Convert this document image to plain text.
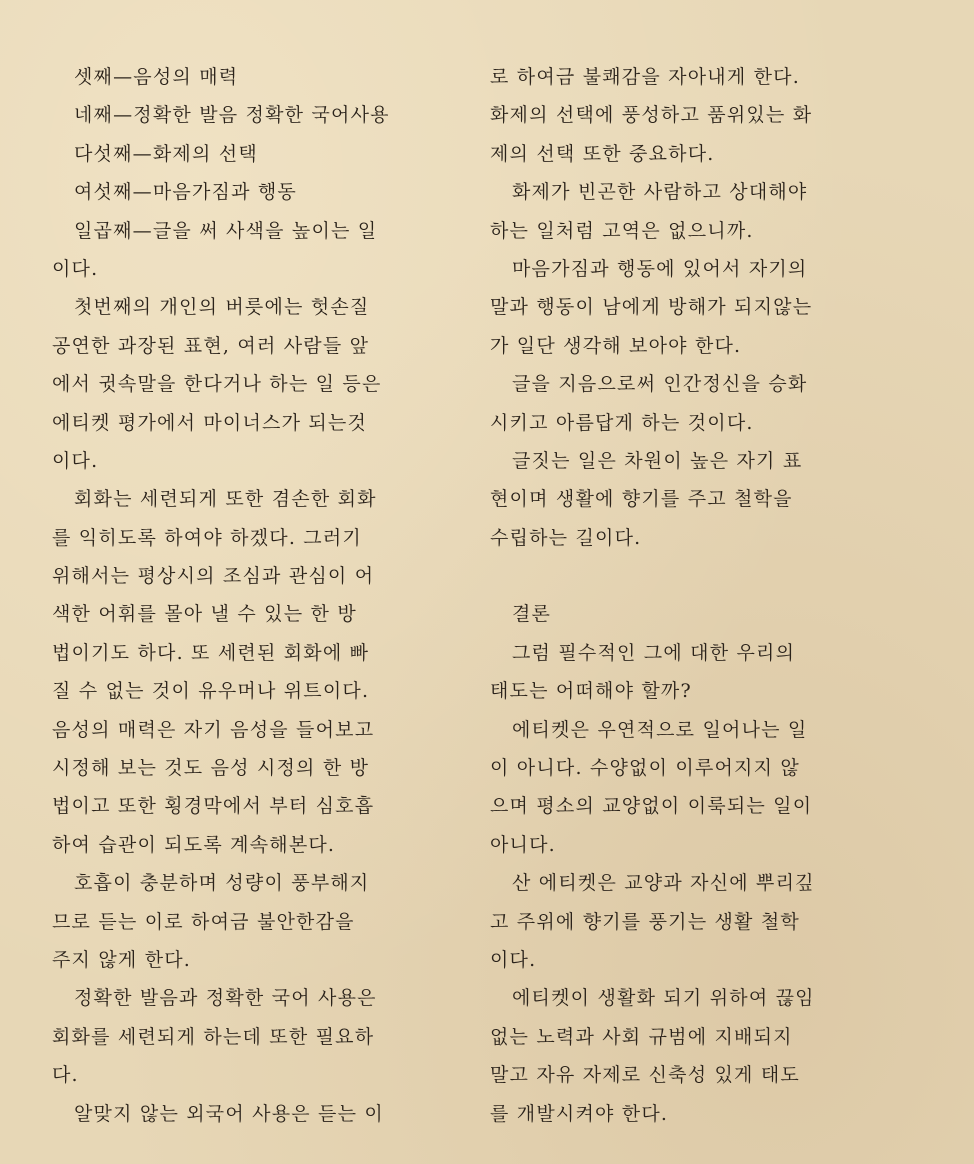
셋째—음성의 매력
네째—정확한 발음 정확한 국어사용
다섯째—화제의 선택
여섯째—마음가짐과 행동
일곱째—글을 써 사색을 높이는 일
이다.
첫번째의 개인의 버릇에는 헛손질
공연한 과장된 표현, 여러 사람들 앞
에서 귓속말을 한다거나 하는 일 등은
에티켓 평가에서 마이너스가 되는것
이다.
회화는 세련되게 또한 겸손한 회화
를 익히도록 하여야 하겠다. 그러기
위해서는 평상시의 조심과 관심이 어
색한 어휘를 몰아 낼 수 있는 한 방
법이기도 하다. 또 세련된 회화에 빠
질 수 없는 것이 유우머나 위트이다.
음성의 매력은 자기 음성을 들어보고
시정해 보는 것도 음성 시정의 한 방
법이고 또한 횡경막에서 부터 심호흡
하여 습관이 되도록 계속해본다.
호흡이 충분하며 성량이 풍부해지
므로 듣는 이로 하여금 불안한감을
주지 않게 한다.
정확한 발음과 정확한 국어 사용은
회화를 세련되게 하는데 또한 필요하
다.
알맞지 않는 외국어 사용은 듣는 이
로 하여금 불쾌감을 자아내게 한다.
화제의 선택에 풍성하고 품위있는 화
제의 선택 또한 중요하다.
화제가 빈곤한 사람하고 상대해야
하는 일처럼 고역은 없으니까.
마음가짐과 행동에 있어서 자기의
말과 행동이 남에게 방해가 되지않는
가 일단 생각해 보아야 한다.
글을 지음으로써 인간정신을 승화
시키고 아름답게 하는 것이다.
글짓는 일은 차원이 높은 자기 표
현이며 생활에 향기를 주고 철학을
수립하는 길이다.
결론
그럼 필수적인 그에 대한 우리의
태도는 어떠해야 할까?
에티켓은 우연적으로 일어나는 일
이 아니다. 수양없이 이루어지지 않
으며 평소의 교양없이 이룩되는 일이
아니다.
산 에티켓은 교양과 자신에 뿌리깊
고 주위에 향기를 풍기는 생활 철학
이다.
에티켓이 생활화 되기 위하여 끊임
없는 노력과 사회 규범에 지배되지
말고 자유 자제로 신축성 있게 태도
를 개발시켜야 한다.
